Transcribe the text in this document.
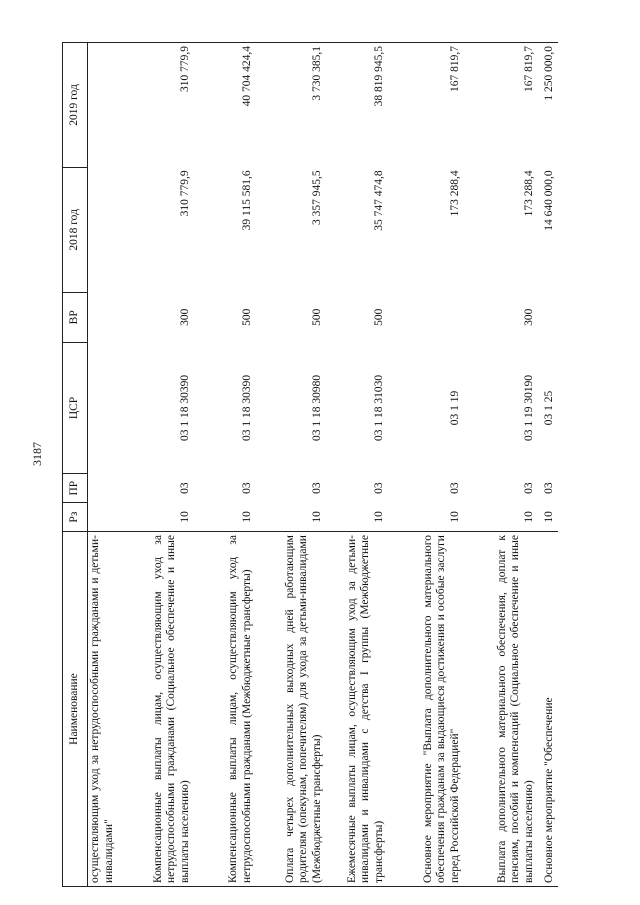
3187
Наименование	Рз	ПР	ЦСР	ВР	2018 год	2019 год
осуществляющим уход за нетрудоспособными гражданами и детьми-инвалидами"						
Компенсационные выплаты лицам, осуществляющим уход за нетрудоспособными гражданами (Социальное обеспечение и иные выплаты населению)	10	03	03 1 18 30390	300	310 779,9	310 779,9
Компенсационные выплаты лицам, осуществляющим уход за нетрудоспособными гражданами (Межбюджетные трансферты)	10	03	03 1 18 30390	500	39 115 581,6	40 704 424,4
Оплата четырех дополнительных выходных дней работающим родителям (опекунам, попечителям) для ухода за детьми-инвалидами (Межбюджетные трансферты)	10	03	03 1 18 30980	500	3 357 945,5	3 730 385,1
Ежемесячные выплаты лицам, осуществляющим уход за детьми-инвалидами и инвалидами с детства I группы (Межбюджетные трансферты)	10	03	03 1 18 31030	500	35 747 474,8	38 819 945,5
Основное мероприятие "Выплата дополнительного материального обеспечения гражданам за выдающиеся достижения и особые заслуги перед Российской Федерацией"	10	03	03 1 19		173 288,4	167 819,7
Выплата дополнительного материального обеспечения, доплат к пенсиям, пособий и компенсаций (Социальное обеспечение и иные выплаты населению)	10	03	03 1 19 30190	300	173 288,4	167 819,7
Основное мероприятие "Обеспечение	10	03	03 1 25		14 640 000,0	1 250 000,0
